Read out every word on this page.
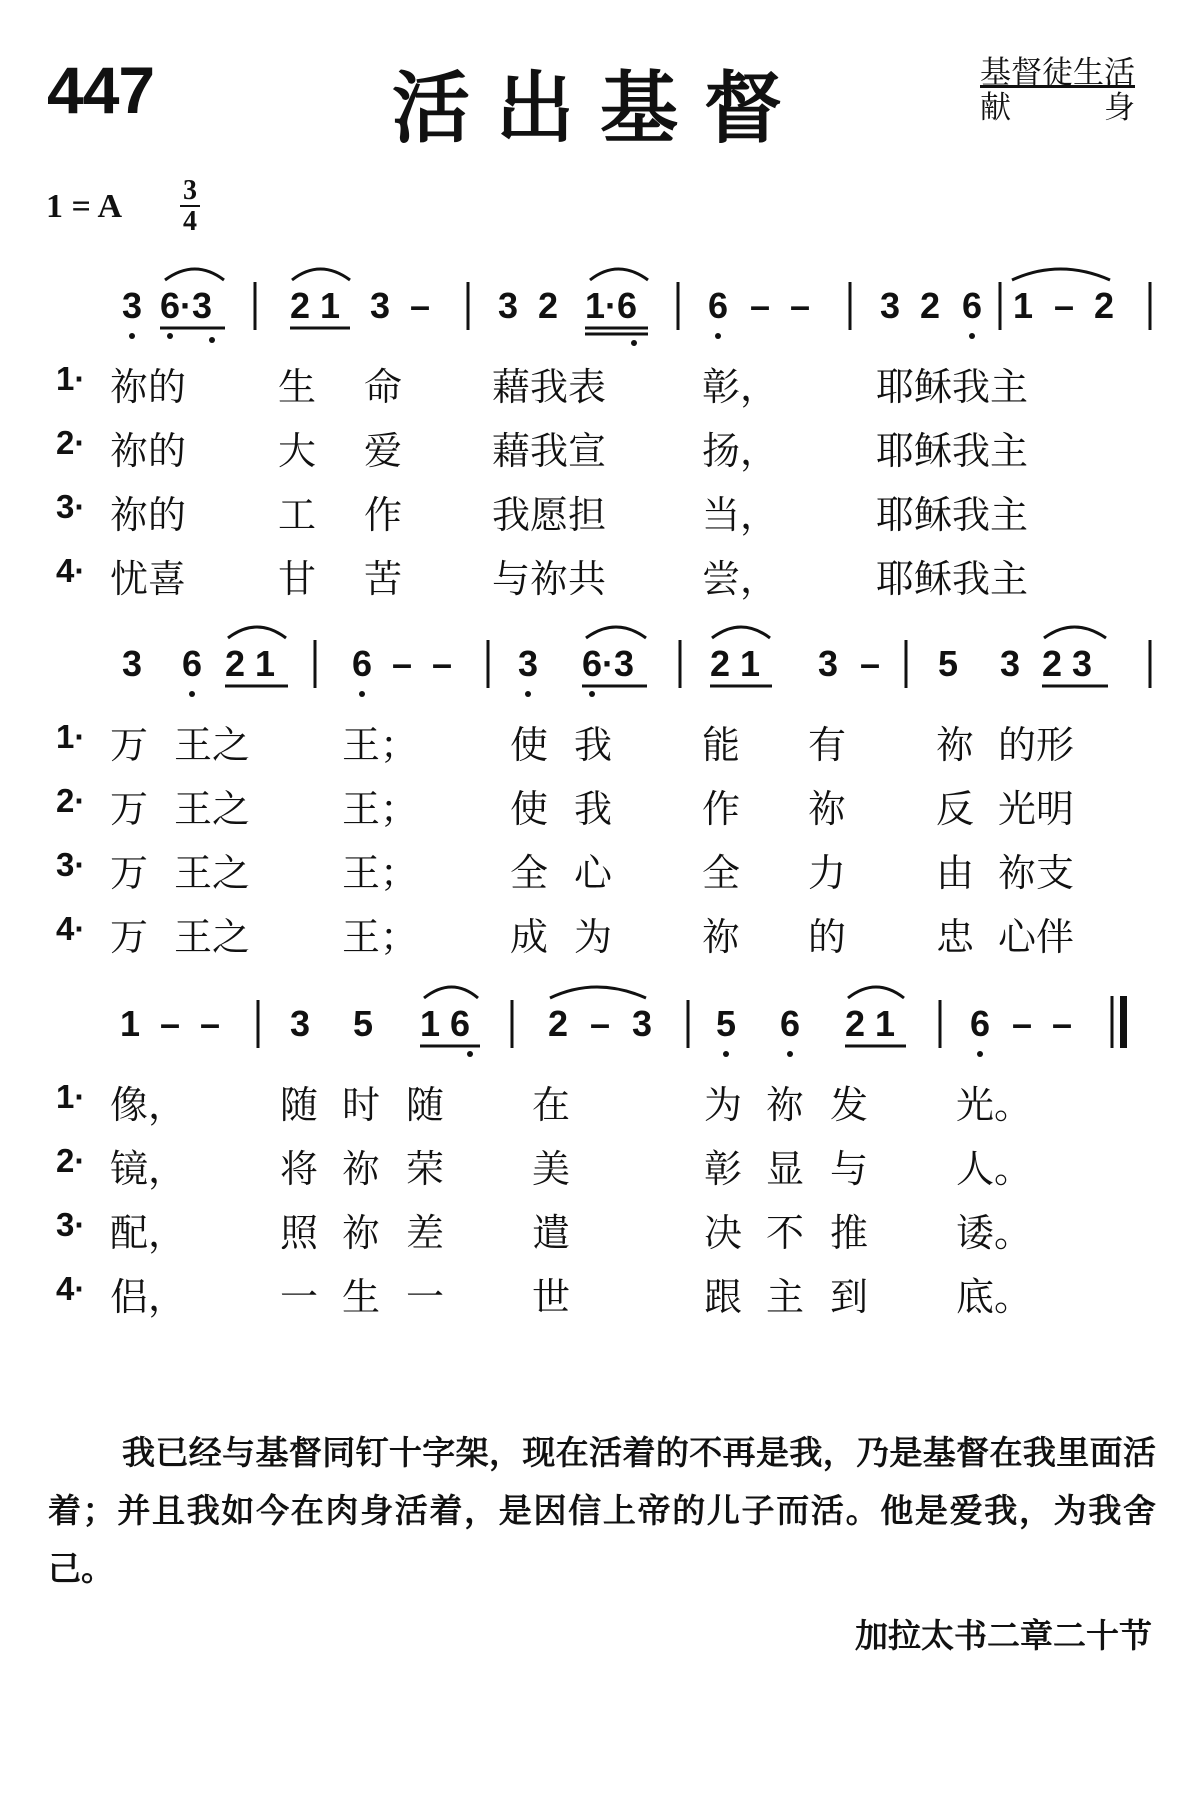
447	活出基督	基督徒生活
献　　　身
1 = A 3
4
3 6·3 2 1 3 – 3 2 1·6 6 – – 3 2 6 1 – 2
3 6 2 1 6 – – 3 6·3 2 1 3 – 5 3 2 3
1 – – 3 5 1 6 2 – 3 5 6 2 1 6 – –
1· 祢的 生 命 藉我表	彰，	耶稣我主
2· 祢的 大 爱 藉我宣	扬，	耶稣我主
3· 祢的 工 作 我愿担	当，	耶稣我主
4· 忧喜 甘 苦 与祢共	尝，	耶稣我主
1· 万 王之 王； 使 我 能 有 祢 的形
2· 万 王之 王； 使 我 作 祢 反 光明
3· 万 王之 王； 全 心 全 力 由 祢支
4· 万 王之 王； 成 为 祢 的 忠 心伴
1· 像， 随 时 随 在	为 祢 发 光。
2· 镜， 将 祢 荣 美	彰 显 与 人。
3· 配， 照 祢 差 遣	决 不 推 诿。
4· 侣， 一 生 一 世	跟 主 到 底。
我已经与基督同钉十字架，现在活着的不再是我，乃是基督在我里面活着；并且我如今在肉身活着，是因信上帝的儿子而活。他是爱我，为我舍己。
加拉太书二章二十节
